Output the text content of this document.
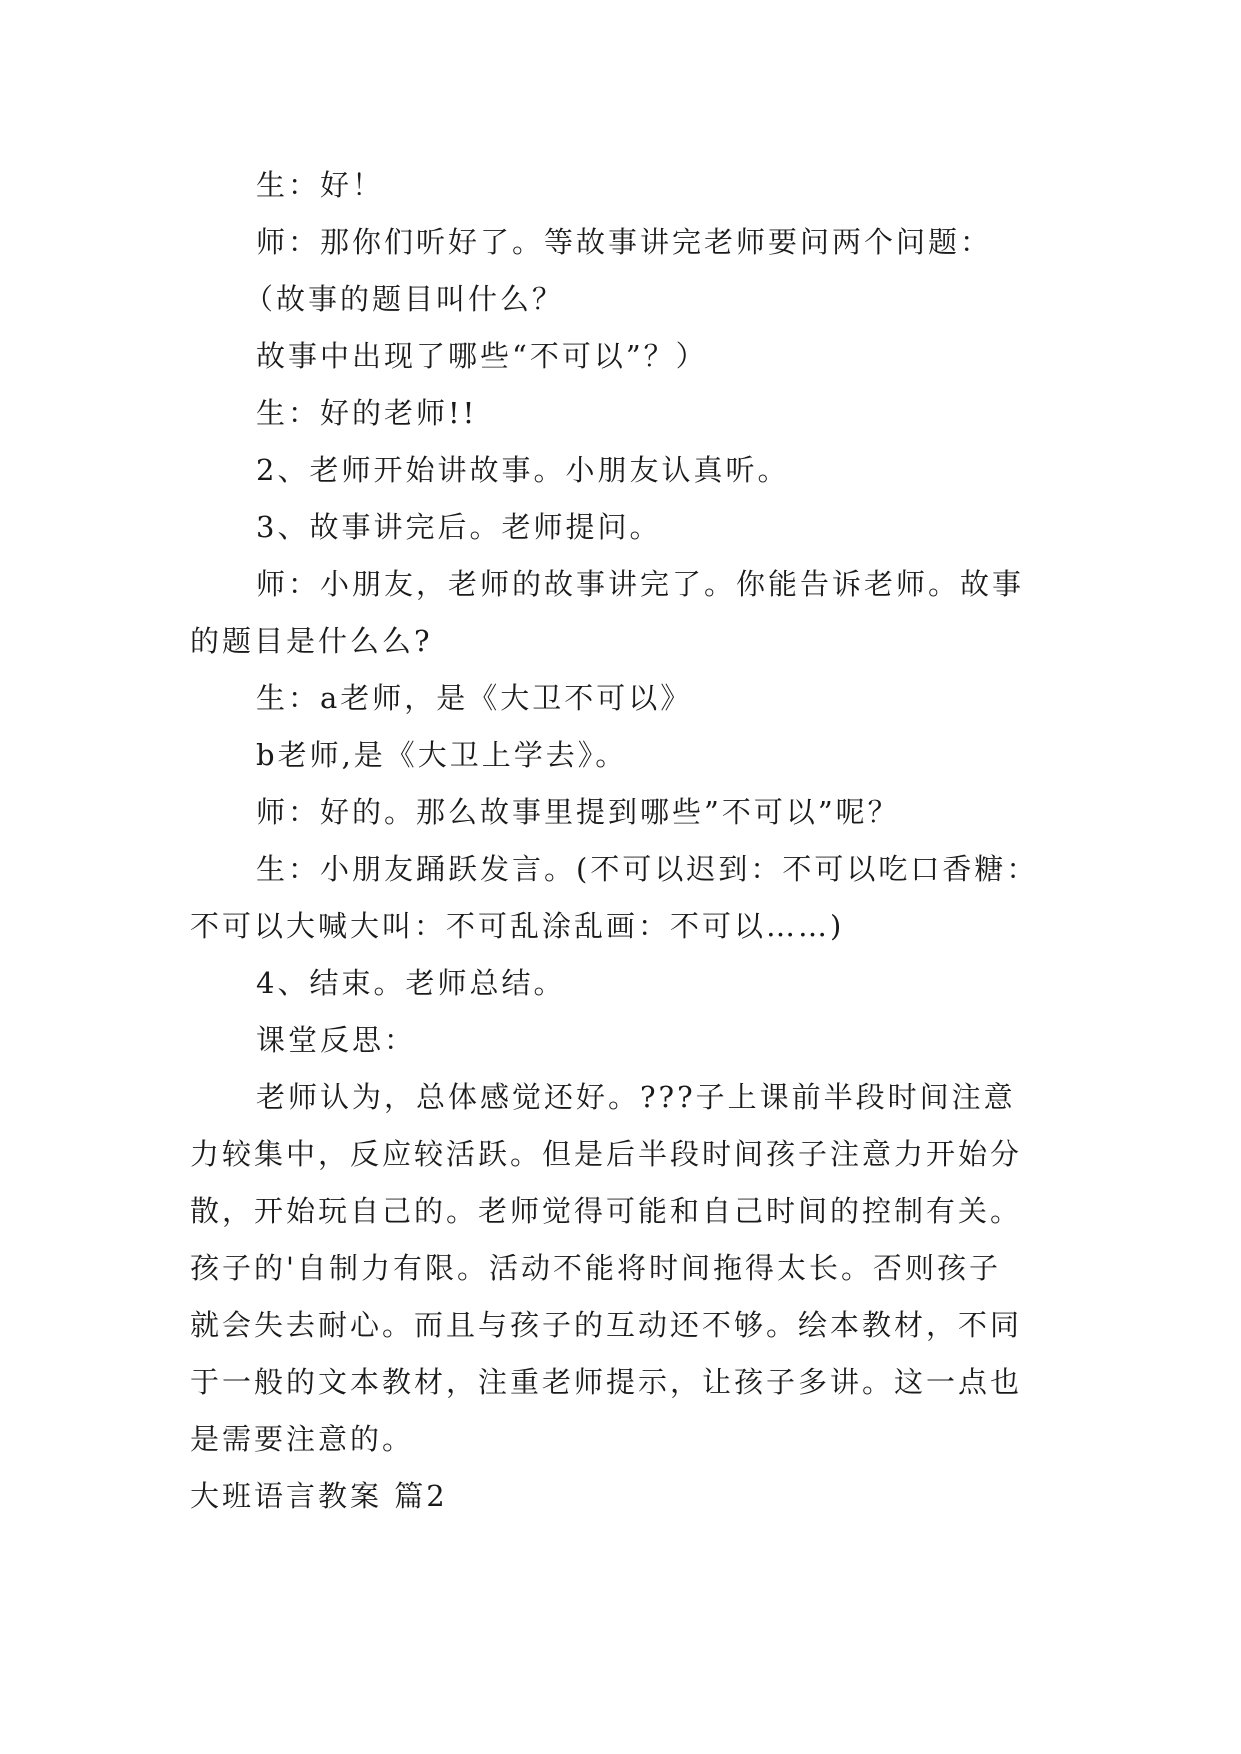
生：好！
师：那你们听好了。等故事讲完老师要问两个问题：
（故事的题目叫什么？
故事中出现了哪些“不可以”？）
生：好的老师!!
2、老师开始讲故事。小朋友认真听。
3、故事讲完后。老师提问。
师：小朋友，老师的故事讲完了。你能告诉老师。故事
的题目是什么么?
生：a老师，是《大卫不可以》
b老师,是《大卫上学去》。
师：好的。那么故事里提到哪些”不可以”呢？
生：小朋友踊跃发言。(不可以迟到：不可以吃口香糖：
不可以大喊大叫：不可乱涂乱画：不可以……)
4、结束。老师总结。
课堂反思：
老师认为，总体感觉还好。???子上课前半段时间注意
力较集中，反应较活跃。但是后半段时间孩子注意力开始分
散，开始玩自己的。老师觉得可能和自己时间的控制有关。
孩子的'自制力有限。活动不能将时间拖得太长。否则孩子
就会失去耐心。而且与孩子的互动还不够。绘本教材，不同
于一般的文本教材，注重老师提示，让孩子多讲。这一点也
是需要注意的。
大班语言教案 篇2
